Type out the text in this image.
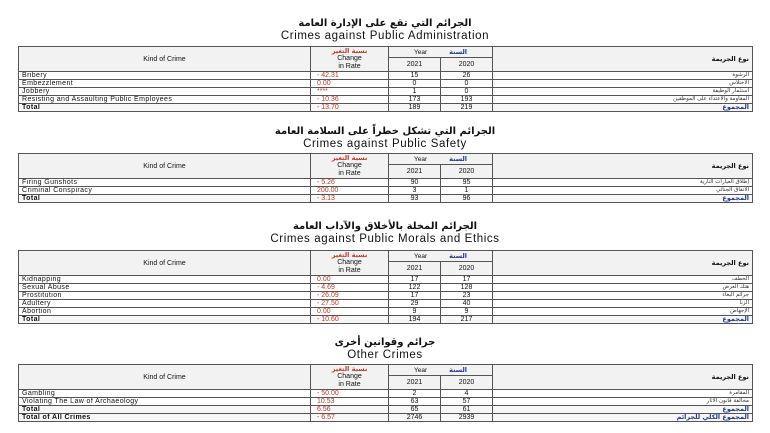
الجرائم التي تقع على الإدارة العامة
Crimes against Public Administration
Kind of Crime	نسبة التغير
Change
in Rate	Year السنة		نوع الجريمة
		2021	2020	
Bribery	- 42.31	15	26	الرشوة
Embezzlement	0.00	0	0	الاختلاس
Jobbery	****	1	0	استثمار الوظيفة
Resisting and Assaulting Public Employees	- 10.36	173	193	المقاومة والاعتداء على الموظفين
Total	- 13.70	189	219	المجموع
الجرائم التي تشكل خطراً على السلامة العامة
Crimes against Public Safety
Kind of Crime	نسبة التغير
Change
in Rate	Year السنة		نوع الجريمة
		2021	2020	
Firing Gunshots	- 5.26	90	95	إطلاق العيارات النارية
Criminal Conspiracy	200.00	3	1	الاتفاق الجنائي
Total	- 3.13	93	96	المجموع
الجرائم المخلة بالأخلاق والآداب العامة
Crimes against Public Morals and Ethics
Kind of Crime	نسبة التغير
Change
in Rate	Year السنة		نوع الجريمة
		2021	2020	
Kidnapping	0.00	17	17	الخطف
Sexual Abuse	- 4.69	122	128	هتك العرض
Prostitution	- 26.09	17	23	جرائم البغاء
Adultery	- 27.50	29	40	الزنا
Abortion	0.00	9	9	الإجهاض
Total	- 10.60	194	217	المجموع
جرائم وقوانين أخرى
Other Crimes
Kind of Crime	نسبة التغير
Change
in Rate	Year السنة		نوع الجريمة
		2021	2020	
Gambling	- 50.00	2	4	المقامرة
Violating The Law of Archaeology	10.53	63	57	مخالفة قانون الآثار
Total	6.56	65	61	المجموع
Total of All Crimes	- 6.57	2746	2939	المجموع الكلي للجرائم
